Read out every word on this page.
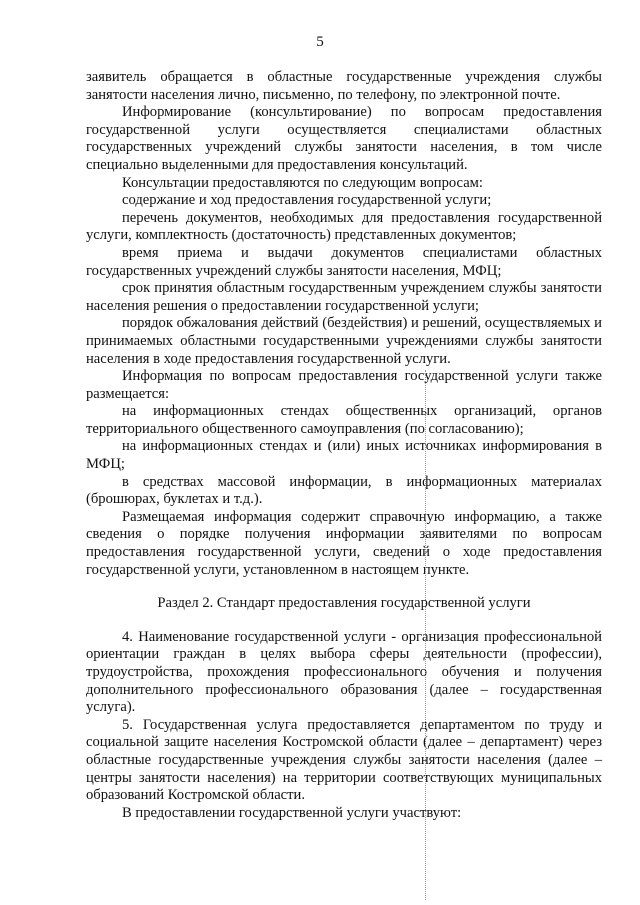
5

заявитель обращается в областные государственные учреждения службы занятости населения лично, письменно, по телефону, по электронной почте.

Информирование (консультирование) по вопросам предоставления государственной услуги осуществляется специалистами областных государственных учреждений службы занятости населения, в том числе специально выделенными для предоставления консультаций.

Консультации предоставляются по следующим вопросам:

содержание и ход предоставления государственной услуги;

перечень документов, необходимых для предоставления государственной услуги, комплектность (достаточность) представленных документов;

время приема и выдачи документов специалистами областных государственных учреждений службы занятости населения, МФЦ;

срок принятия областным государственным учреждением службы занятости населения решения о предоставлении государственной услуги;

порядок обжалования действий (бездействия) и решений, осуществляемых и принимаемых областными государственными учреждениями службы занятости населения в ходе предоставления государственной услуги.

Информация по вопросам предоставления государственной услуги также размещается:

на информационных стендах общественных организаций, органов территориального общественного самоуправления (по согласованию);

на информационных стендах и (или) иных источниках информирования в МФЦ;

в средствах массовой информации, в информационных материалах (брошюрах, буклетах и т.д.).

Размещаемая информация содержит справочную информацию, а также сведения о порядке получения информации заявителями по вопросам предоставления государственной услуги, сведений о ходе предоставления государственной услуги, установленном в настоящем пункте.

Раздел 2. Стандарт предоставления государственной услуги

4. Наименование государственной услуги - организация профессиональной ориентации граждан в целях выбора сферы деятельности (профессии), трудоустройства, прохождения профессионального обучения и получения дополнительного профессионального образования (далее – государственная услуга).

5. Государственная услуга предоставляется департаментом по труду и социальной защите населения Костромской области (далее – департамент) через областные государственные учреждения службы занятости населения (далее – центры занятости населения) на территории соответствующих муниципальных образований Костромской области.

В предоставлении государственной услуги участвуют:
